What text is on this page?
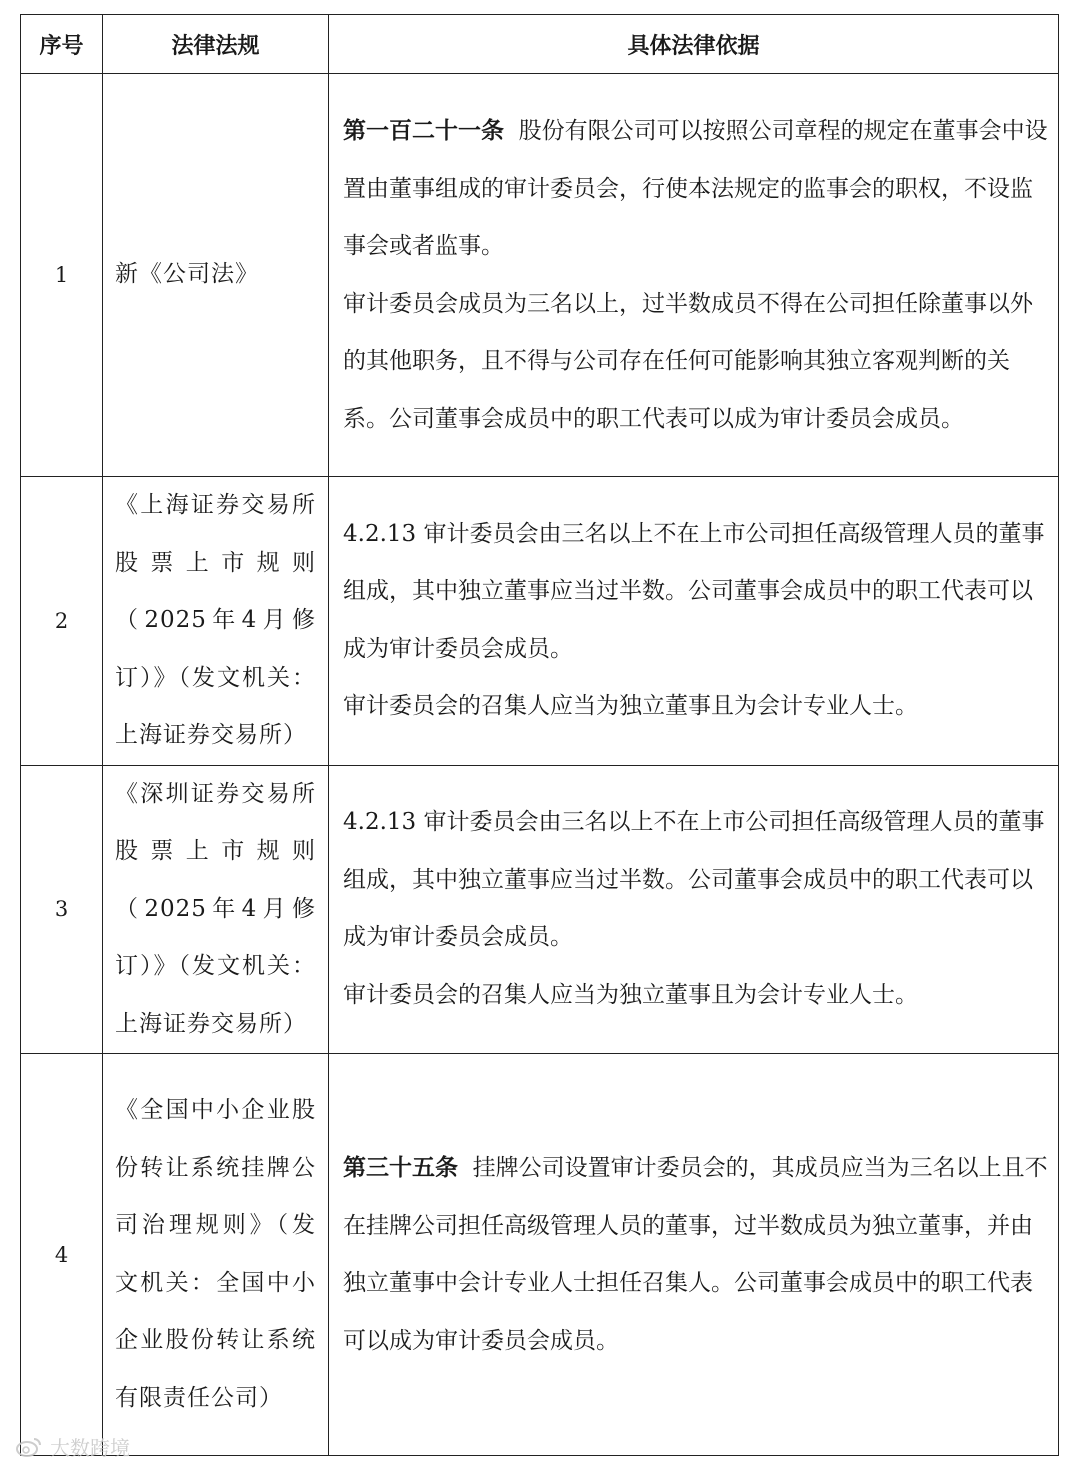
序号	法律法规	具体法律依据
1	新《公司法》	第一百二十一条 股份有限公司可以按照公司章程的规定在董事会中设置由董事组成的审计委员会，行使本法规定的监事会的职权，不设监事会或者监事。

审计委员会成员为三名以上，过半数成员不得在公司担任除董事以外的其他职务，且不得与公司存在任何可能影响其独立客观判断的关系。公司董事会成员中的职工代表可以成为审计委员会成员。

2	《上海证券交易所股票上市规则（2025年4月修订）》（发文机关：上海证券交易所）	4.2.13 审计委员会由三名以上不在上市公司担任高级管理人员的董事组成，其中独立董事应当过半数。公司董事会成员中的职工代表可以成为审计委员会成员。

审计委员会的召集人应当为独立董事且为会计专业人士。

3	《深圳证券交易所股票上市规则（2025年4月修订）》（发文机关：上海证券交易所）	4.2.13 审计委员会由三名以上不在上市公司担任高级管理人员的董事组成，其中独立董事应当过半数。公司董事会成员中的职工代表可以成为审计委员会成员。

审计委员会的召集人应当为独立董事且为会计专业人士。

4	《全国中小企业股份转让系统挂牌公司治理规则》（发文机关：全国中小企业股份转让系统有限责任公司）	第三十五条 挂牌公司设置审计委员会的，其成员应当为三名以上且不在挂牌公司担任高级管理人员的董事，过半数成员为独立董事，并由独立董事中会计专业人士担任召集人。公司董事会成员中的职工代表可以成为审计委员会成员。

大数跨境
